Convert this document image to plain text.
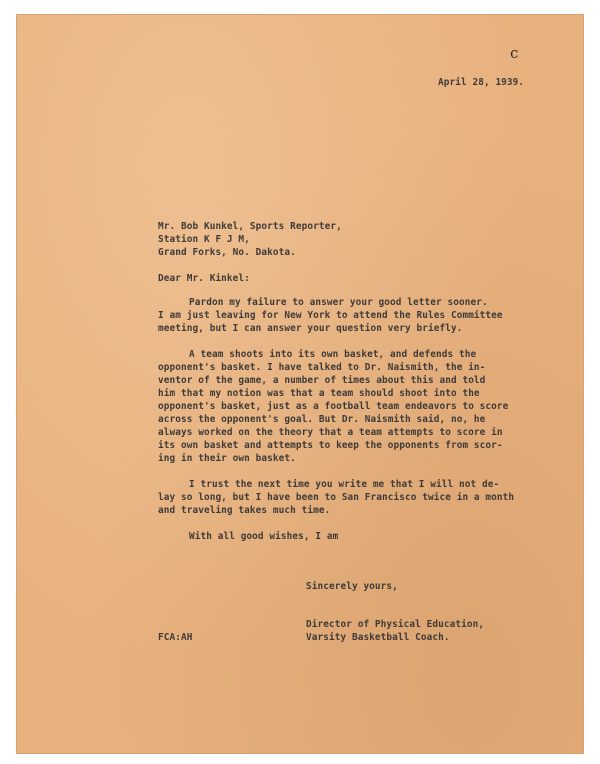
c
April 28, 1939.
Mr. Bob Kunkel, Sports Reporter,
Station K F J M,
Grand Forks, No. Dakota.
Dear Mr. Kinkel:
Pardon my failure to answer your good letter sooner.
I am just leaving for New York to attend the Rules Committee
meeting, but I can answer your question very briefly.
A team shoots into its own basket, and defends the
opponent's basket. I have talked to Dr. Naismith, the in-
ventor of the game, a number of times about this and told
him that my notion was that a team should shoot into the
opponent's basket, just as a football team endeavors to score
across the opponent's goal. But Dr. Naismith said, no, he
always worked on the theory that a team attempts to score in
its own basket and attempts to keep the opponents from scor-
ing in their own basket.
I trust the next time you write me that I will not de-
lay so long, but I have been to San Francisco twice in a month
and traveling takes much time.
With all good wishes, I am
Sincerely yours,
Director of Physical Education,
Varsity Basketball Coach.
FCA:AH
